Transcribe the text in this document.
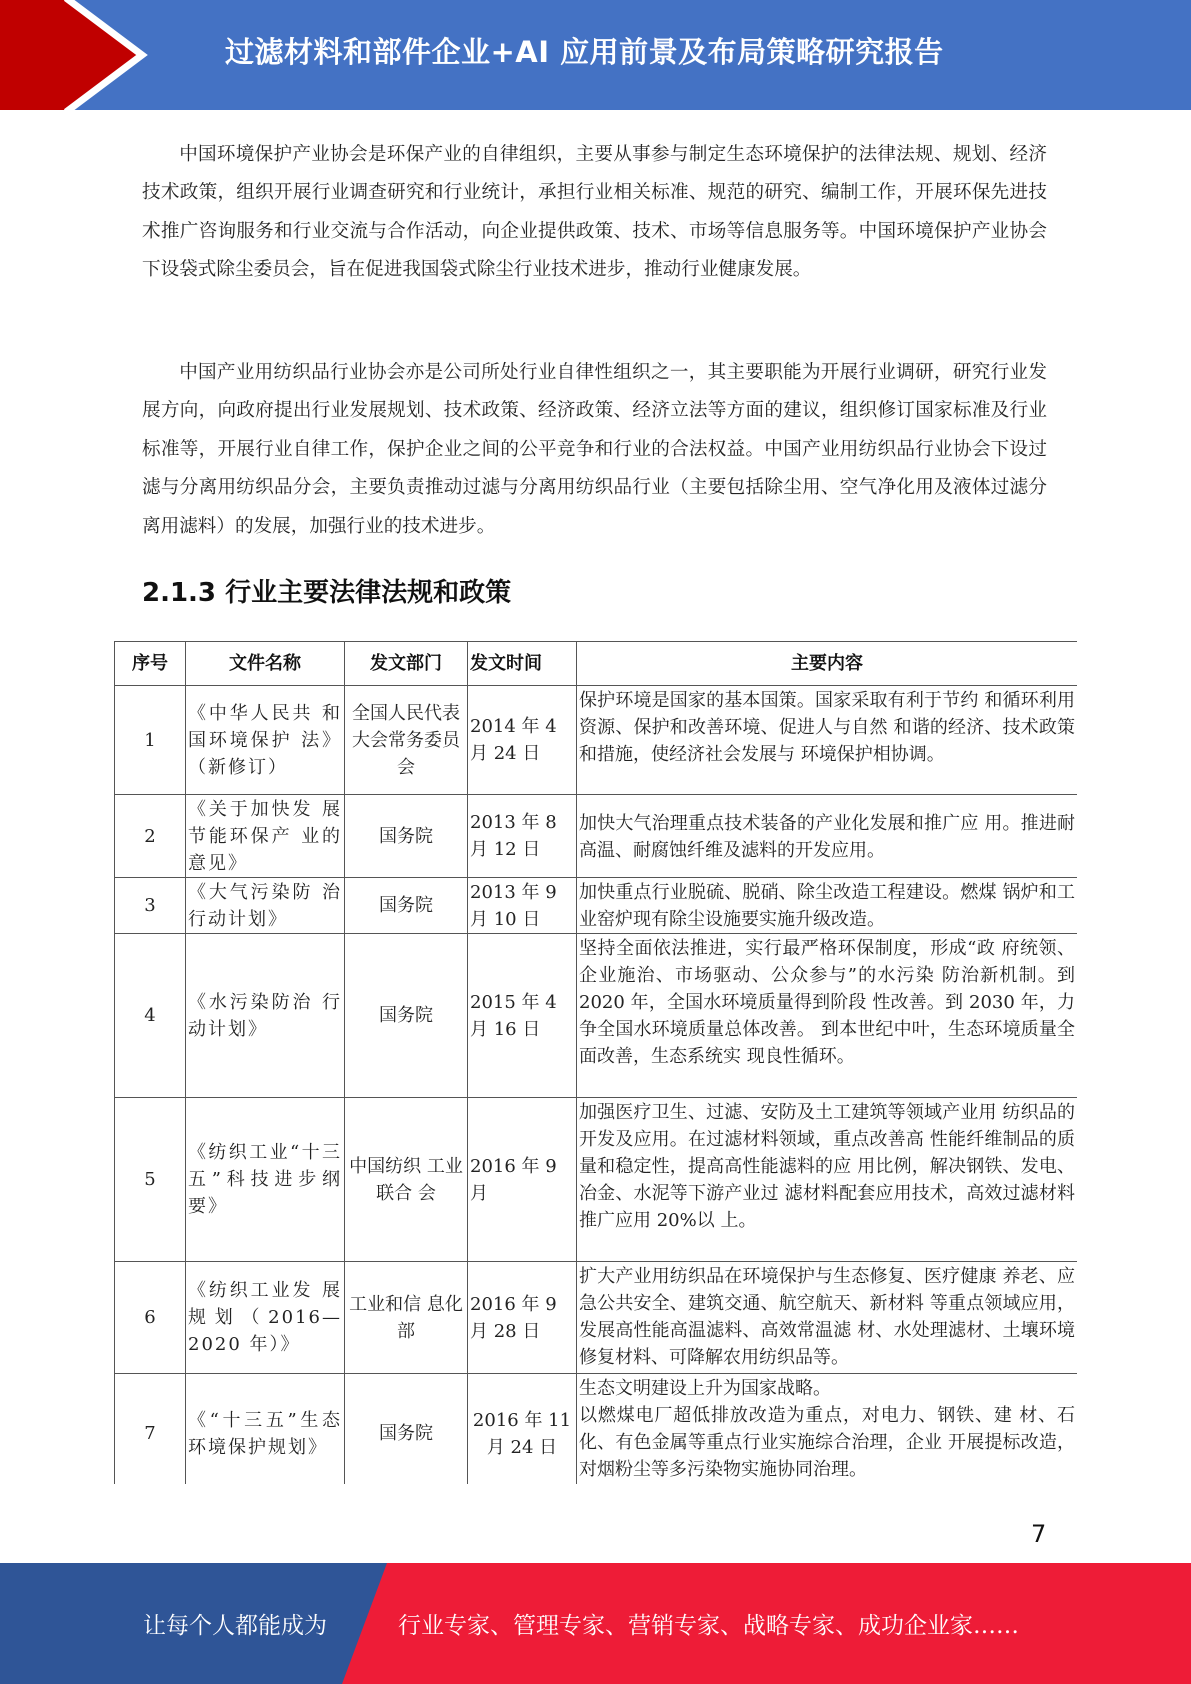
过滤材料和部件企业+AI 应用前景及布局策略研究报告

中国环境保护产业协会是环保产业的自律组织，主要从事参与制定生态环境保护的法律法规、规划、经济技术政策，组织开展行业调查研究和行业统计，承担行业相关标准、规范的研究、编制工作，开展环保先进技术推广咨询服务和行业交流与合作活动，向企业提供政策、技术、市场等信息服务等。中国环境保护产业协会下设袋式除尘委员会，旨在促进我国袋式除尘行业技术进步，推动行业健康发展。

中国产业用纺织品行业协会亦是公司所处行业自律性组织之一，其主要职能为开展行业调研，研究行业发展方向，向政府提出行业发展规划、技术政策、经济政策、经济立法等方面的建议，组织修订国家标准及行业标准等，开展行业自律工作，保护企业之间的公平竞争和行业的合法权益。中国产业用纺织品行业协会下设过滤与分离用纺织品分会，主要负责推动过滤与分离用纺织品行业（主要包括除尘用、空气净化用及液体过滤分离用滤料）的发展，加强行业的技术进步。

2.1.3 行业主要法律法规和政策
序号	文件名称	发文部门	发文时间	主要内容
1	《中华人民共 和国环境保护 法》（新修订）	全国人民代表大会常务委员会	2014 年 4 月 24 日	保护环境是国家的基本国策。国家采取有利于节约 和循环利用资源、保护和改善环境、促进人与自然 和谐的经济、技术政策和措施，使经济社会发展与 环境保护相协调。
2	《关于加快发 展节能环保产 业的意见》	国务院	2013 年 8 月 12 日	加快大气治理重点技术装备的产业化发展和推广应 用。推进耐高温、耐腐蚀纤维及滤料的开发应用。
3	《大气污染防 治行动计划》	国务院	2013 年 9 月 10 日	加快重点行业脱硫、脱硝、除尘改造工程建设。燃煤 锅炉和工业窑炉现有除尘设施要实施升级改造。
4	《水污染防治 行动计划》	国务院	2015 年 4 月 16 日	坚持全面依法推进，实行最严格环保制度，形成“政 府统领、企业施治、市场驱动、公众参与”的水污染 防治新机制。到 2020 年，全国水环境质量得到阶段 性改善。到 2030 年，力争全国水环境质量总体改善。 到本世纪中叶，生态环境质量全面改善，生态系统实 现良性循环。
5	《纺织工业“十三五”科技进步纲要》	中国纺织 工业联合 会	2016 年 9 月	加强医疗卫生、过滤、安防及土工建筑等领域产业用 纺织品的开发及应用。在过滤材料领域，重点改善高 性能纤维制品的质量和稳定性，提高高性能滤料的应 用比例，解决钢铁、发电、冶金、水泥等下游产业过 滤材料配套应用技术，高效过滤材料推广应用 20%以 上。
6	《纺织工业发 展规划（2016—2020 年）》	工业和信 息化部	2016 年 9 月 28 日	扩大产业用纺织品在环境保护与生态修复、医疗健康 养老、应急公共安全、建筑交通、航空航天、新材料 等重点领域应用，发展高性能高温滤料、高效常温滤 材、水处理滤材、土壤环境修复材料、可降解农用纺织品等。
7	《“十三五”生态环境保护规划》	国务院	2016 年 11 月 24 日	生态文明建设上升为国家战略。
以燃煤电厂超低排放改造为重点，对电力、钢铁、建 材、石化、有色金属等重点行业实施综合治理，企业 开展提标改造，对烟粉尘等多污染物实施协同治理。
7
让每个人都能成为	行业专家、管理专家、营销专家、战略专家、成功企业家……
